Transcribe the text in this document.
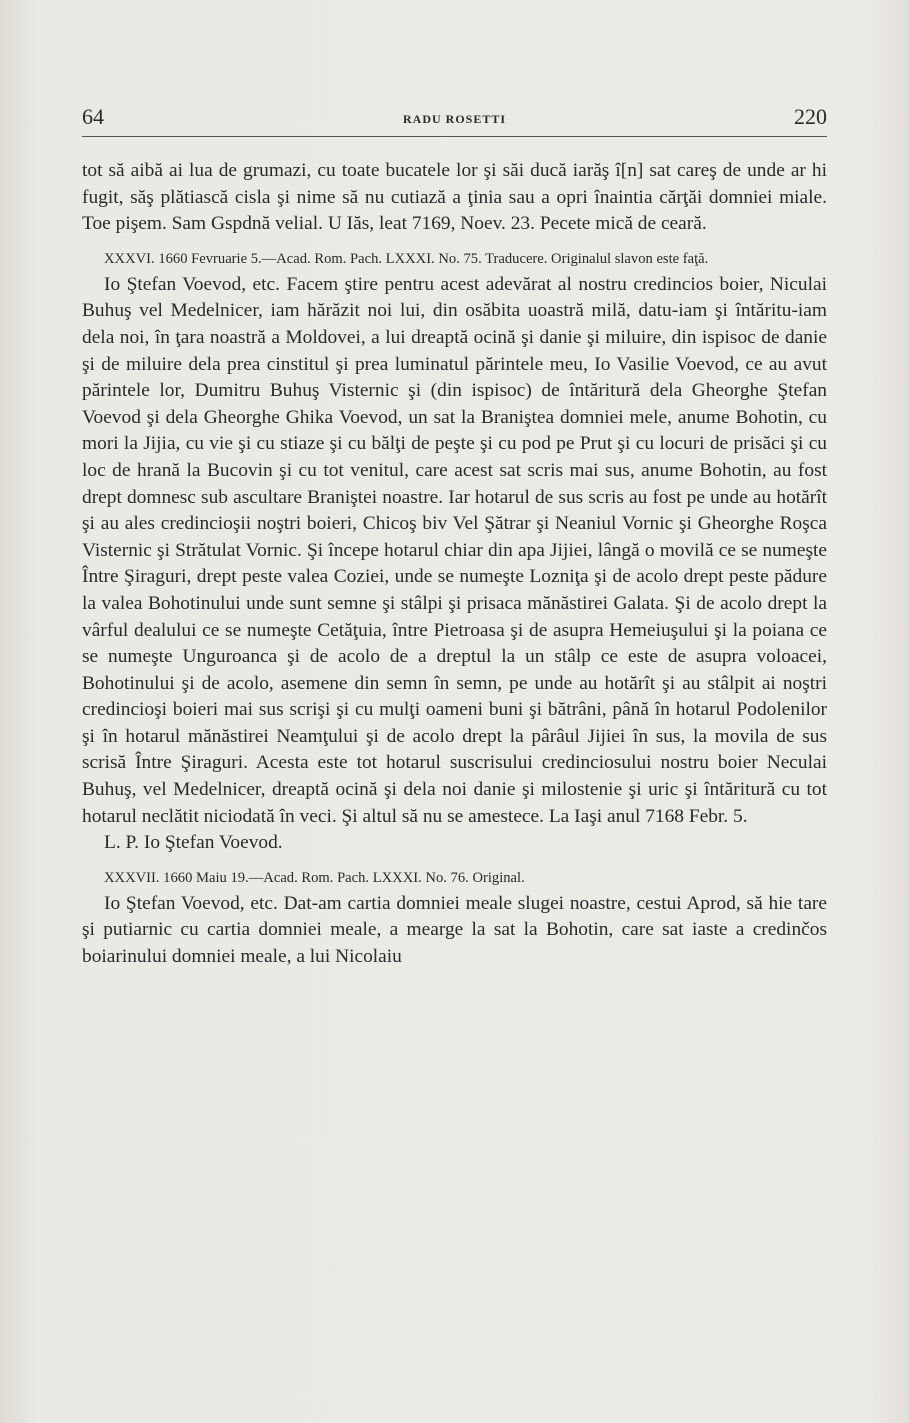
64	RADU ROSETTI	220

tot să aibă ai lua de grumazi, cu toate bucatele lor şi săi ducă iarăş î[n] sat careş de unde ar hi fugit, săş plătiască cisla şi nime să nu cutiază a ţinia sau a opri înaintia cărţăi domniei miale. Toe pişem. Sam Gspdnă velial. U Iăs, leat 7169, Noev. 23. Pecete mică de ceară.

XXXVI. 1660 Fevruarie 5.—Acad. Rom. Pach. LXXXI. No. 75. Traducere. Originalul slavon este faţă.

Io Ştefan Voevod, etc. Facem ştire pentru acest adevărat al nostru credincios boier, Niculai Buhuş vel Medelnicer, iam hărăzit noi lui, din osăbita uoastră milă, datu-iam şi întăritu-iam dela noi, în ţara noastră a Moldovei, a lui dreaptă ocină şi danie şi miluire, din ispisoc de danie şi de miluire dela prea cinstitul şi prea luminatul părintele meu, Io Vasilie Voevod, ce au avut părintele lor, Dumitru Buhuş Visternic şi (din ispisoc) de întăritură dela Gheorghe Ştefan Voevod şi dela Gheorghe Ghika Voevod, un sat la Braniştea domniei mele, anume Bohotin, cu mori la Jijia, cu vie şi cu stiaze şi cu bălţi de peşte şi cu pod pe Prut şi cu locuri de prisăci şi cu loc de hrană la Bucovin şi cu tot venitul, care acest sat scris mai sus, anume Bohotin, au fost drept domnesc sub ascultare Braniştei noastre. Iar hotarul de sus scris au fost pe unde au hotărît şi au ales credincioşii noştri boieri, Chicoş biv Vel Şătrar şi Neaniul Vornic şi Gheorghe Roşca Visternic şi Strătulat Vornic. Şi începe hotarul chiar din apa Jijiei, lângă o movilă ce se numeşte Între Şiraguri, drept peste valea Coziei, unde se numeşte Lozniţa şi de acolo drept peste pădure la valea Bohotinului unde sunt semne şi stâlpi şi prisaca mănăstirei Galata. Şi de acolo drept la vârful dealului ce se numeşte Cetăţuia, între Pietroasa şi de asupra Hemeiuşului şi la poiana ce se numeşte Unguroanca şi de acolo de a dreptul la un stâlp ce este de asupra voloacei, Bohotinului şi de acolo, asemene din semn în semn, pe unde au hotărît şi au stâlpit ai noştri credincioşi boieri mai sus scrişi şi cu mulţi oameni buni şi bătrâni, până în hotarul Podolenilor şi în hotarul mănăstirei Neamţului şi de acolo drept la pârâul Jijiei în sus, la movila de sus scrisă Între Şiraguri. Acesta este tot hotarul suscrisului credinciosului nostru boier Neculai Buhuş, vel Medelnicer, dreaptă ocină şi dela noi danie şi milostenie şi uric şi întăritură cu tot hotarul neclătit niciodată în veci. Şi altul să nu se amestece. La Iaşi anul 7168 Febr. 5.

L. P. Io Ştefan Voevod.

XXXVII. 1660 Maiu 19.—Acad. Rom. Pach. LXXXI. No. 76. Original.

Io Ştefan Voevod, etc. Dat-am cartia domniei meale slugei noastre, cestui Aprod, să hie tare şi putiarnic cu cartia domniei meale, a mearge la sat la Bohotin, care sat iaste a credinčos boiarinului domniei meale, a lui Nicolaiu
